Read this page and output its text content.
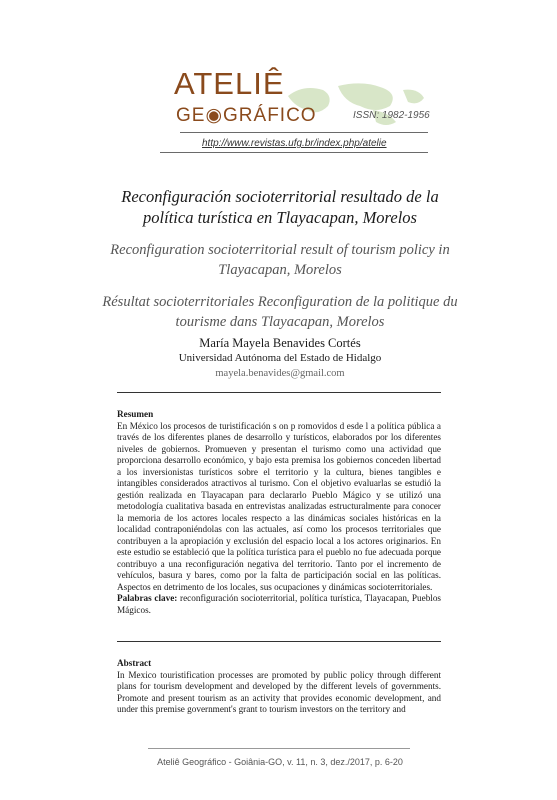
ATELIÊ
GE◉GRÁFICO	ISSN: 1982-1956
http://www.revistas.ufg.br/index.php/atelie
Reconfiguración socioterritorial resultado de la política turística en Tlayacapan, Morelos
Reconfiguration socioterritorial result of tourism policy in Tlayacapan, Morelos
Résultat socioterritoriales Reconfiguration de la politique du tourisme dans Tlayacapan, Morelos
María Mayela Benavides Cortés
Universidad Autónoma del Estado de Hidalgo
mayela.benavides@gmail.com
Resumen
En México los procesos de turistificación s on p romovidos d esde l a política pública a través de los diferentes planes de desarrollo y turísticos, elaborados por los diferentes niveles de gobiernos. Promueven y presentan el turismo como una actividad que proporciona desarrollo económico, y bajo esta premisa los gobiernos conceden libertad a los inversionistas turísticos sobre el territorio y la cultura, bienes tangibles e intangibles considerados atractivos al turismo. Con el objetivo evaluarlas se estudió la gestión realizada en Tlayacapan para declararlo Pueblo Mágico y se utilizó una metodología cualitativa basada en entrevistas analizadas estructuralmente para conocer la memoria de los actores locales respecto a las dinámicas sociales históricas en la localidad contraponiéndolas con las actuales, así como los procesos territoriales que contribuyen a la apropiación y exclusión del espacio local a los actores originarios. En este estudio se estableció que la política turística para el pueblo no fue adecuada porque contribuyo a una reconfiguración negativa del territorio. Tanto por el incremento de vehículos, basura y bares, como por la falta de participación social en las políticas. Aspectos en detrimento de los locales, sus ocupaciones y dinámicas socioterritoriales.
Palabras clave: reconfiguración socioterritorial, política turística, Tlayacapan, Pueblos Mágicos.
Abstract
In Mexico touristification processes are promoted by public policy through different plans for tourism development and developed by the different levels of governments. Promote and present tourism as an activity that provides economic development, and under this premise government's grant to tourism investors on the territory and
Ateliê Geográfico - Goiânia-GO, v. 11, n. 3, dez./2017, p. 6-20
